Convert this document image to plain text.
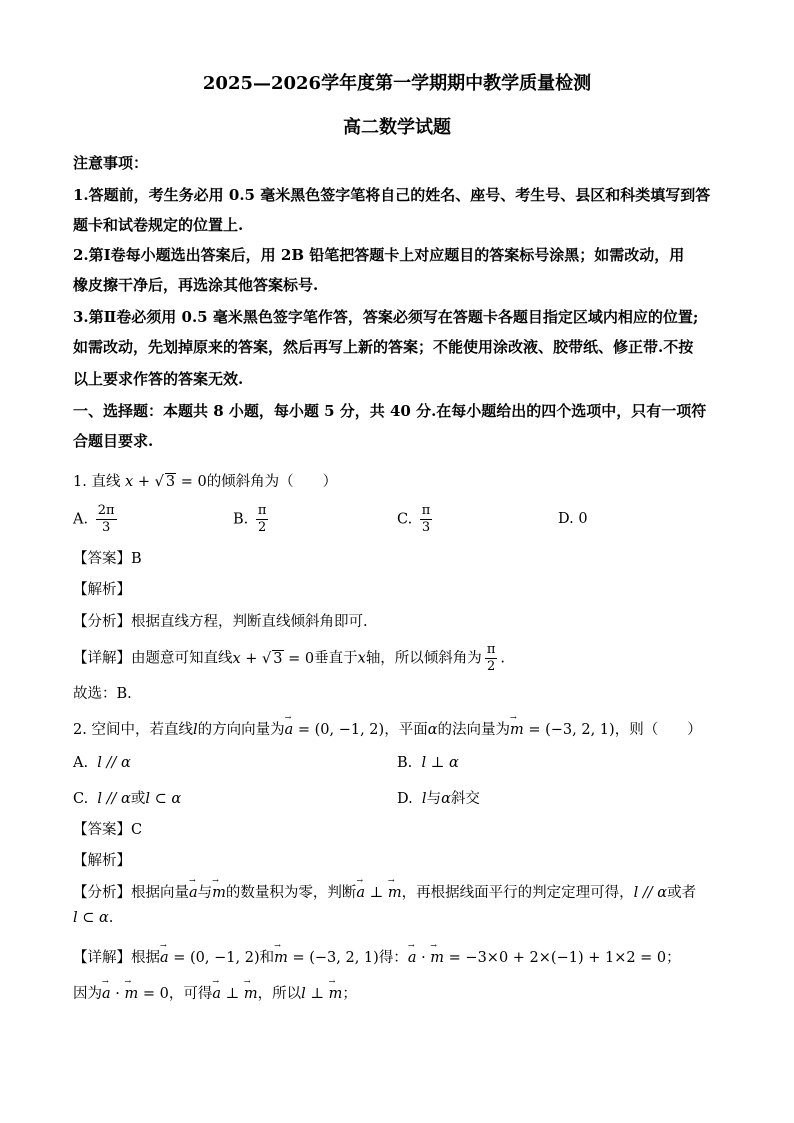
2025—2026学年度第一学期期中教学质量检测
高二数学试题
注意事项：
1.答题前，考生务必用 0.5 毫米黑色签字笔将自己的姓名、座号、考生号、县区和科类填写到答
题卡和试卷规定的位置上.
2.第Ⅰ卷每小题选出答案后，用 2B 铅笔把答题卡上对应题目的答案标号涂黑；如需改动，用
橡皮擦干净后，再选涂其他答案标号.
3.第Ⅱ卷必须用 0.5 毫米黑色签字笔作答，答案必须写在答题卡各题目指定区域内相应的位置;
如需改动，先划掉原来的答案，然后再写上新的答案；不能使用涂改液、胶带纸、修正带.不按
以上要求作答的答案无效.
一、选择题：本题共 8 小题，每小题 5 分，共 40 分.在每小题给出的四个选项中，只有一项符
合题目要求.
1. 直线 x + √ 3 = 0的倾斜角为（　　）
A. $\frac{2\pi}{3}$	B. $\frac{\pi}{2}$	C. $\frac{\pi}{3}$	D. 0
【答案】B
【解析】
【分析】根据直线方程，判断直线倾斜角即可.
【详解】由题意可知直线x + √ 3 = 0垂直于x轴，所以倾斜角为 $\frac{\pi}{2}$ .
故选：B.
2. 空间中，若直线l的方向向量为→ a = (0, −1, 2)，平面α的法向量为→ m = (−3, 2, 1)，则（　　）
A.  l // α	B.  l ⊥ α
C.  l // α或l ⊂ α	D.  l与α斜交
【答案】C
【解析】
【分析】根据向量→ a与→ m的数量积为零，判断→ a ⊥ → m，再根据线面平行的判定定理可得，l // α或者
l ⊂ α.
【详解】根据→ a = (0, −1, 2)和→ m = (−3, 2, 1)得：→ a · → m = −3×0 + 2×(−1) + 1×2 = 0；
因为→ a · → m = 0，可得→ a ⊥ → m，所以l ⊥ → m；
